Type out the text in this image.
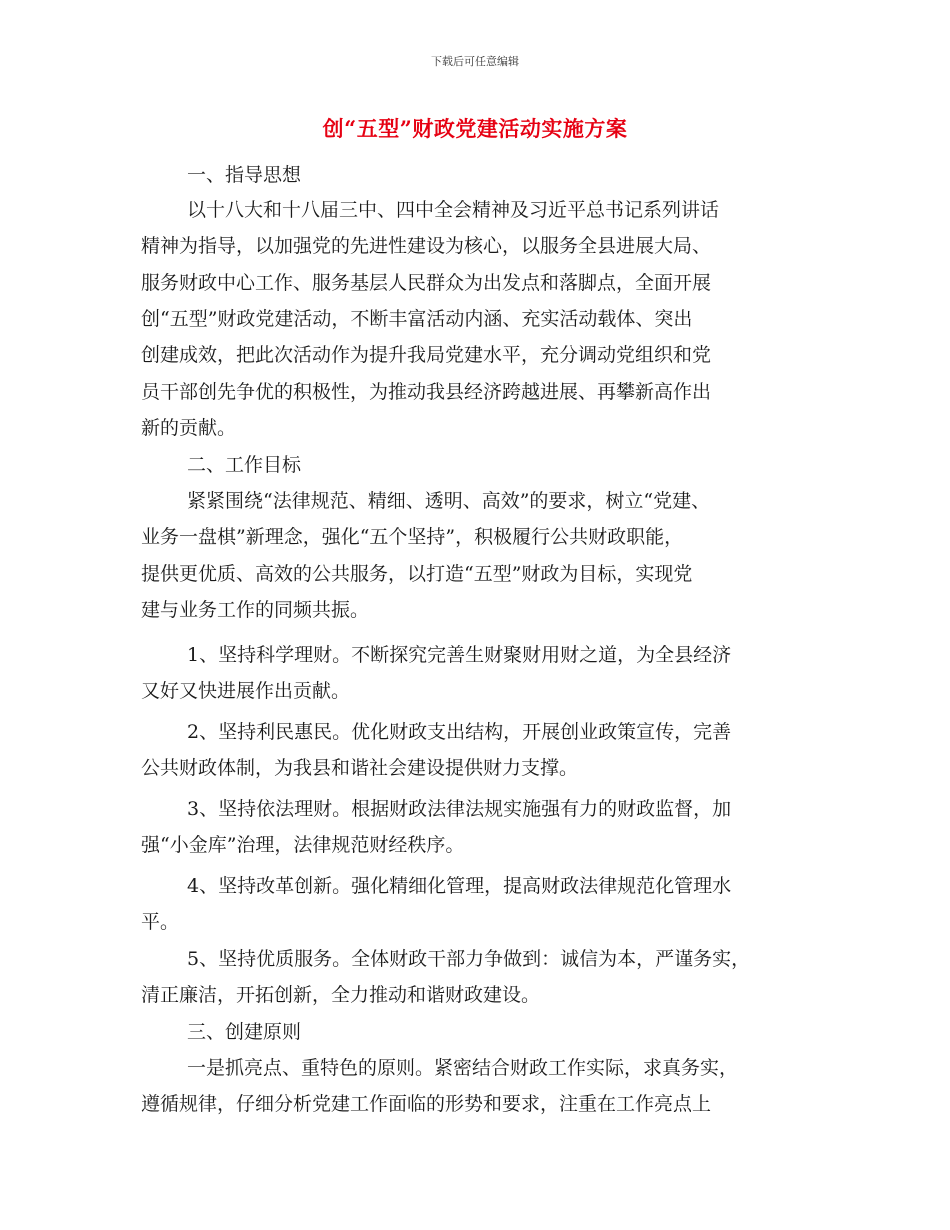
下载后可任意编辑
创“五型”财政党建活动实施方案
一、指导思想
以十八大和十八届三中、四中全会精神及习近平总书记系列讲话
精神为指导，以加强党的先进性建设为核心，以服务全县进展大局、
服务财政中心工作、服务基层人民群众为出发点和落脚点，全面开展
创“五型”财政党建活动，不断丰富活动内涵、充实活动载体、突出
创建成效，把此次活动作为提升我局党建水平，充分调动党组织和党
员干部创先争优的积极性，为推动我县经济跨越进展、再攀新高作出
新的贡献。
二、工作目标
紧紧围绕“法律规范、精细、透明、高效”的要求，树立“党建、
业务一盘棋”新理念，强化“五个坚持”，积极履行公共财政职能，
提供更优质、高效的公共服务，以打造“五型”财政为目标，实现党
建与业务工作的同频共振。
1、坚持科学理财。不断探究完善生财聚财用财之道，为全县经济
又好又快进展作出贡献。
2、坚持利民惠民。优化财政支出结构，开展创业政策宣传，完善
公共财政体制，为我县和谐社会建设提供财力支撑。
3、坚持依法理财。根据财政法律法规实施强有力的财政监督，加
强“小金库”治理，法律规范财经秩序。
4、坚持改革创新。强化精细化管理，提高财政法律规范化管理水
平。
5、坚持优质服务。全体财政干部力争做到：诚信为本，严谨务实，
清正廉洁，开拓创新，全力推动和谐财政建设。
三、创建原则
一是抓亮点、重特色的原则。紧密结合财政工作实际，求真务实，
遵循规律，仔细分析党建工作面临的形势和要求，注重在工作亮点上
